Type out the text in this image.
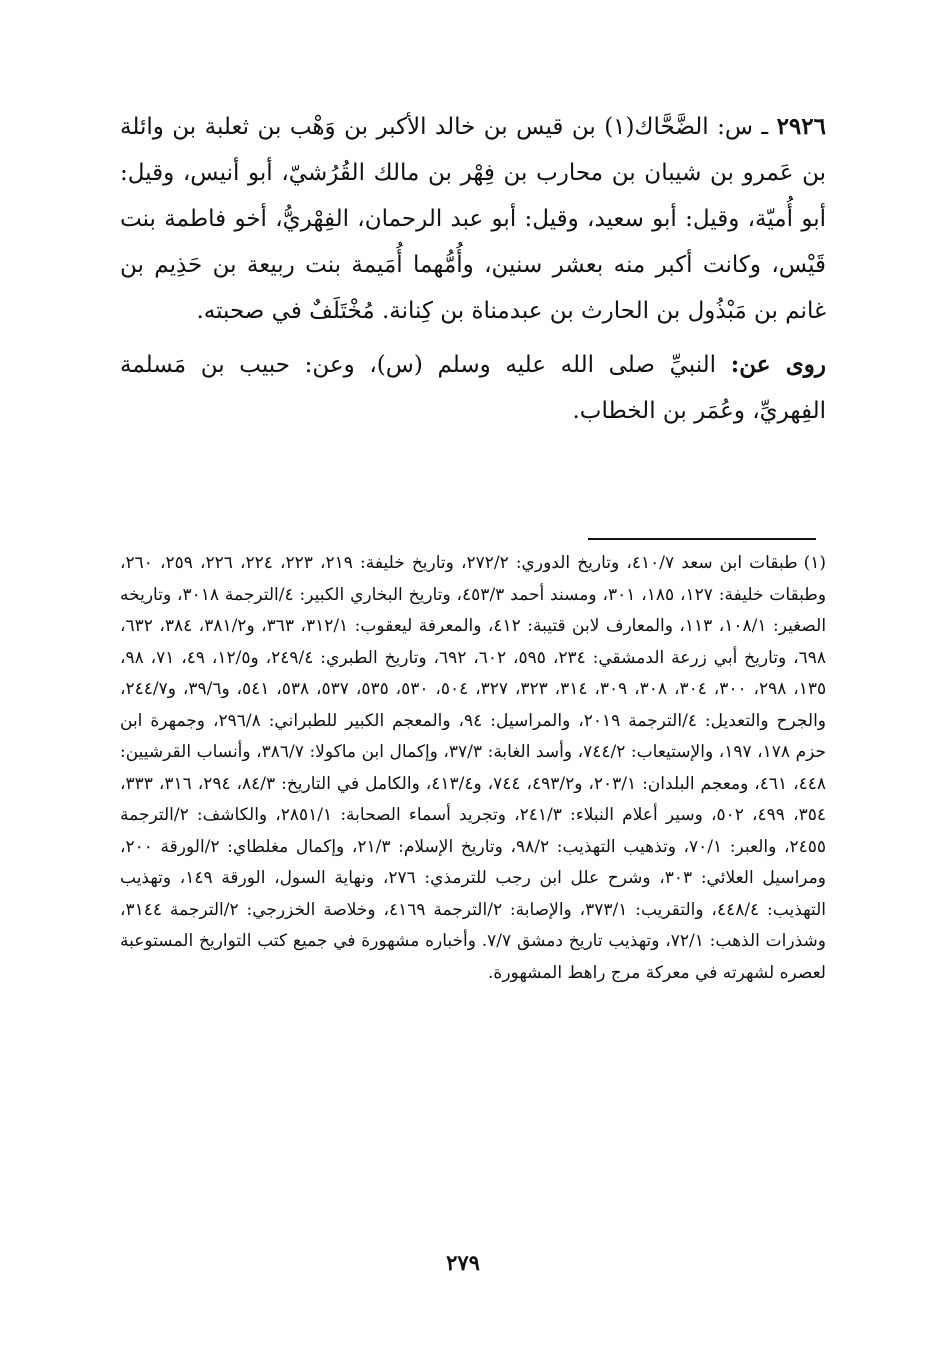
٢٩٢٦ ـ س: الضَّحَّاك(١) بن قيس بن خالد الأكبر بن وَهْب بن ثعلبة بن وائلة بن عَمرو بن شيبان بن محارب بن فِهْر بن مالك القُرُشيّ، أبو أنيس، وقيل: أبو أُميّة، وقيل: أبو سعيد، وقيل: أبو عبد الرحمان، الفِهْريُّ، أخو فاطمة بنت قَيْس، وكانت أكبر منه بعشر سنين، وأُمُّهما أُمَيمة بنت ربيعة بن حَذِيم بن غانم بن مَبْذُول بن الحارث بن عبدمناة بن كِنانة. مُخْتَلَفٌ في صحبته.

روى عن: النبيِّ صلى الله عليه وسلم (س)، وعن: حبيب بن مَسلمة الفِهريِّ، وعُمَر بن الخطاب.

(١)طبقات ابن سعد ٤١٠/٧، وتاريخ الدوري: ٢٧٢/٢، وتاريخ خليفة: ٢١٩، ٢٢٣، ٢٢٤، ٢٢٦، ٢٥٩، ٢٦٠، وطبقات خليفة: ١٢٧، ١٨٥، ٣٠١، ومسند أحمد ٤٥٣/٣، وتاريخ البخاري الكبير: ٤/الترجمة ٣٠١٨، وتاريخه الصغير: ١٠٨/١، ١١٣، والمعارف لابن قتيبة: ٤١٢، والمعرفة ليعقوب: ٣١٢/١، ٣٦٣، و٣٨١/٢، ٣٨٤، ٦٣٢، ٦٩٨، وتاريخ أبي زرعة الدمشقي: ٢٣٤، ٥٩٥، ٦٠٢، ٦٩٢، وتاريخ الطبري: ٢٤٩/٤، و١٢/٥، ٤٩، ٧١، ٩٨، ١٣٥، ٢٩٨، ٣٠٠، ٣٠٤، ٣٠٨، ٣٠٩، ٣١٤، ٣٢٣، ٣٢٧، ٥٠٤، ٥٣٠، ٥٣٥، ٥٣٧، ٥٣٨، ٥٤١، و٣٩/٦، و٢٤٤/٧، والجرح والتعديل: ٤/الترجمة ٢٠١٩، والمراسيل: ٩٤، والمعجم الكبير للطبراني: ٢٩٦/٨، وجمهرة ابن حزم ١٧٨، ١٩٧، والإستيعاب: ٧٤٤/٢، وأسد الغابة: ٣٧/٣، وإكمال ابن ماكولا: ٣٨٦/٧، وأنساب القرشيين: ٤٤٨، ٤٦١، ومعجم البلدان: ٢٠٣/١، و٤٩٣/٢، ٧٤٤، و٤١٣/٤، والكامل في التاريخ: ٨٤/٣، ٢٩٤، ٣١٦، ٣٣٣، ٣٥٤، ٤٩٩، ٥٠٢، وسير أعلام النبلاء: ٢٤١/٣، وتجريد أسماء الصحابة: ٢٨٥١/١، والكاشف: ٢/الترجمة ٢٤٥٥، والعبر: ٧٠/١، وتذهيب التهذيب: ٩٨/٢، وتاريخ الإسلام: ٢١/٣، وإكمال مغلطاي: ٢/الورقة ٢٠٠، ومراسيل العلائي: ٣٠٣، وشرح علل ابن رجب للترمذي: ٢٧٦، ونهاية السول، الورقة ١٤٩، وتهذيب التهذيب: ٤٤٨/٤، والتقريب: ٣٧٣/١، والإصابة: ٢/الترجمة ٤١٦٩، وخلاصة الخزرجي: ٢/الترجمة ٣١٤٤، وشذرات الذهب: ٧٢/١، وتهذيب تاريخ دمشق ٧/٧. وأخباره مشهورة في جميع كتب التواريخ المستوعبة لعصره لشهرته في معركة مرج راهط المشهورة.

٢٧٩
